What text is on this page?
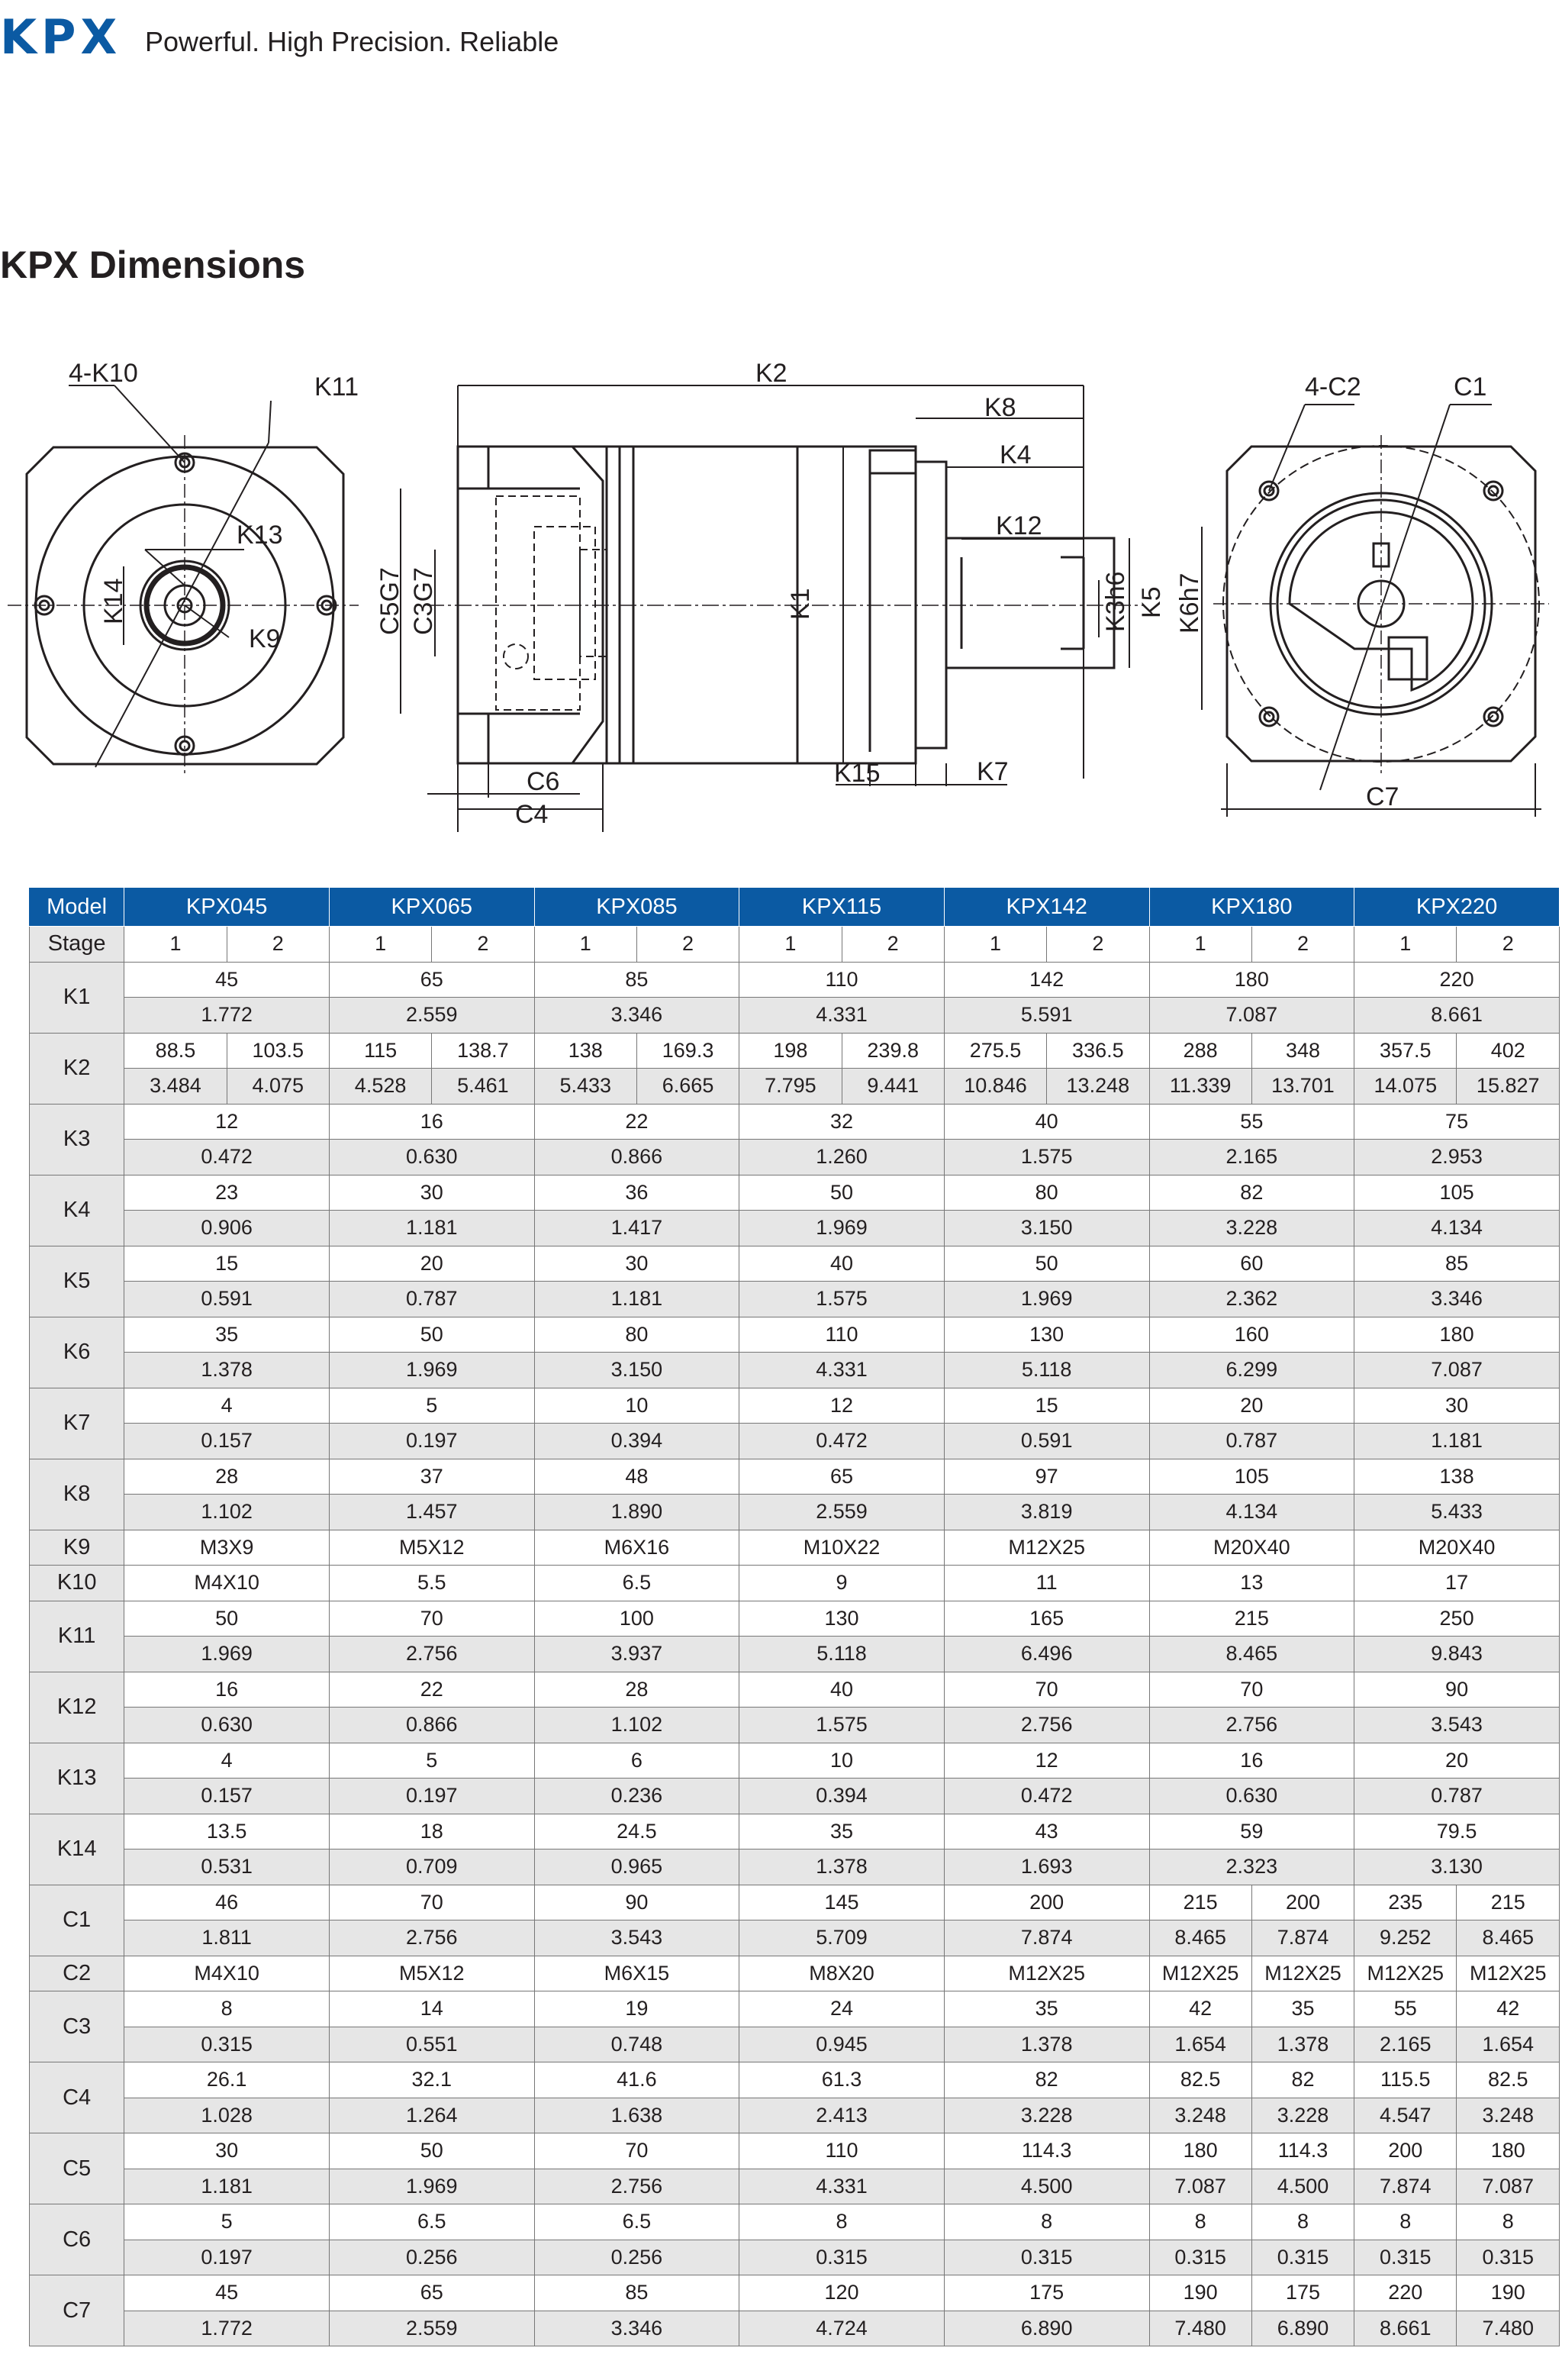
KPX Powerful. High Precision. Reliable
KPX Dimensions
4-K10	K11
K13
K14
K9
K2
K8
K4
K12
C5G7 C3G7	K1	K3h6 K5 K6h7
C6
C4
K15	K7
4-C2	C1
C7
Model	KPX045		KPX065		KPX085		KPX115		KPX142		KPX180		KPX220	
Stage	1	2	1	2	1	2	1	2	1	2	1	2	1	2
K1	45		65		85		110		142		180		220	
	1.772		2.559		3.346		4.331		5.591		7.087		8.661	
K2	88.5	103.5	115	138.7	138	169.3	198	239.8	275.5	336.5	288	348	357.5	402
	3.484	4.075	4.528	5.461	5.433	6.665	7.795	9.441	10.846	13.248	11.339	13.701	14.075	15.827
K3	12		16		22		32		40		55		75	
	0.472		0.630		0.866		1.260		1.575		2.165		2.953	
K4	23		30		36		50		80		82		105	
	0.906		1.181		1.417		1.969		3.150		3.228		4.134	
K5	15		20		30		40		50		60		85	
	0.591		0.787		1.181		1.575		1.969		2.362		3.346	
K6	35		50		80		110		130		160		180	
	1.378		1.969		3.150		4.331		5.118		6.299		7.087	
K7	4		5		10		12		15		20		30	
	0.157		0.197		0.394		0.472		0.591		0.787		1.181	
K8	28		37		48		65		97		105		138	
	1.102		1.457		1.890		2.559		3.819		4.134		5.433	
K9	M3X9		M5X12		M6X16		M10X22		M12X25		M20X40		M20X40	
K10	M4X10		5.5		6.5		9		11		13		17	
K11	50		70		100		130		165		215		250	
	1.969		2.756		3.937		5.118		6.496		8.465		9.843	
K12	16		22		28		40		70		70		90	
	0.630		0.866		1.102		1.575		2.756		2.756		3.543	
K13	4		5		6		10		12		16		20	
	0.157		0.197		0.236		0.394		0.472		0.630		0.787	
K14	13.5		18		24.5		35		43		59		79.5	
	0.531		0.709		0.965		1.378		1.693		2.323		3.130	
C1	46		70		90		145		200		215	200	235	215
	1.811		2.756		3.543		5.709		7.874		8.465	7.874	9.252	8.465
C2	M4X10		M5X12		M6X15		M8X20		M12X25		M12X25	M12X25	M12X25	M12X25
C3	8		14		19		24		35		42	35	55	42
	0.315		0.551		0.748		0.945		1.378		1.654	1.378	2.165	1.654
C4	26.1		32.1		41.6		61.3		82		82.5	82	115.5	82.5
	1.028		1.264		1.638		2.413		3.228		3.248	3.228	4.547	3.248
C5	30		50		70		110		114.3		180	114.3	200	180
	1.181		1.969		2.756		4.331		4.500		7.087	4.500	7.874	7.087
C6	5		6.5		6.5		8		8		8	8	8	8
	0.197		0.256		0.256		0.315		0.315		0.315	0.315	0.315	0.315
C7	45		65		85		120		175		190	175	220	190
	1.772		2.559		3.346		4.724		6.890		7.480	6.890	8.661	7.480
